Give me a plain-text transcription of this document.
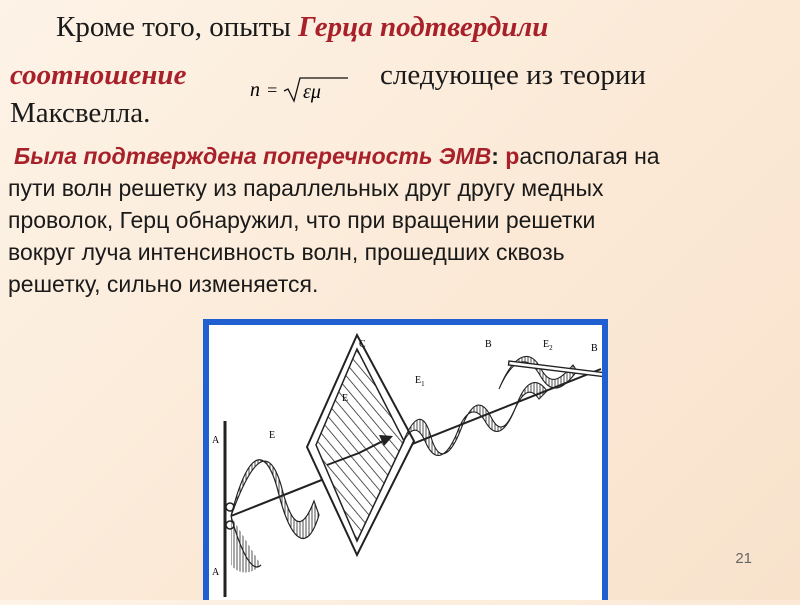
Кроме того, опыты Герца подтвердили
соотношение	следующее из теории
Максвелла.
n = εμ
Была подтверждена поперечность ЭМВ: располагая на
пути волн решетку из параллельных друг другу медных
проволок, Герц обнаружил, что при вращении решетки
вокруг луча интенсивность волн, прошедших сквозь
решетку, сильно изменяется.
A
A
E
C
E
$E_1$
B	$E_2$	B
21
